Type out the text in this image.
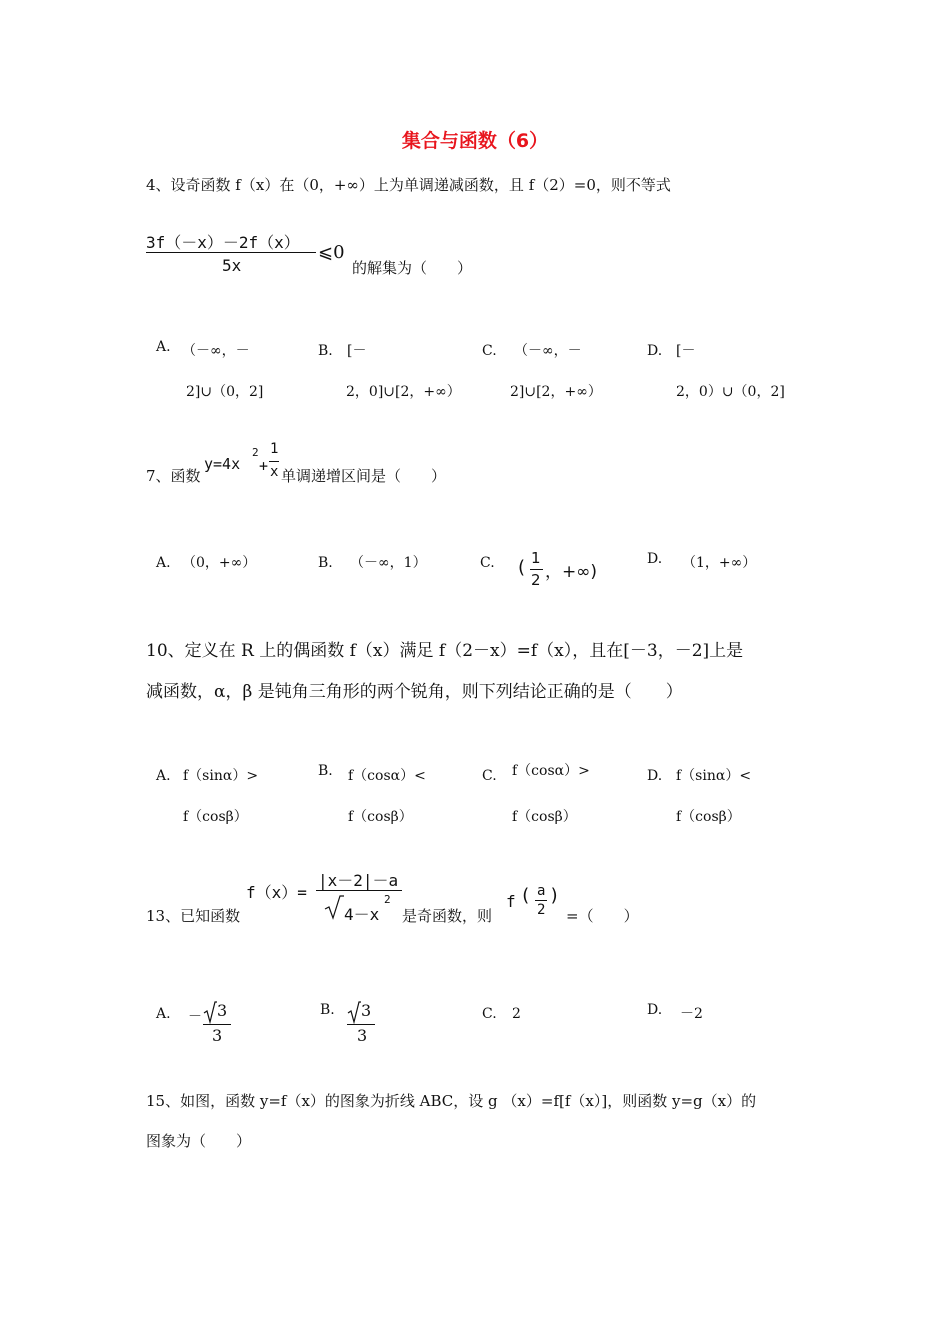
集合与函数（6）
4、设奇函数 f（x）在（0，+∞）上为单调递减函数，且 f（2）=0，则不等式
3f（－x）－2f（x）
5x
⩽0
的解集为（　　）
A. （－∞，－
2]∪（0，2]
B. [－
2，0]∪[2，+∞）
C. （－∞，－
2]∪[2，+∞）
D. [－
2，0）∪（0，2]
7、函数
y=4x
2
+
1
x 单调递增区间是（　　）
A. （0，+∞）	B. （－∞，1）	C. ( 1
2 ，+∞)
D. （1，+∞）
10、定义在 R 上的偶函数 f（x）满足 f（2－x）=f（x），且在[－3，－2]上是
减函数，α，β 是钝角三角形的两个锐角，则下列结论正确的是（　　）
A. f（sinα）>
f（cosβ）
B. f（cosα）<
f（cosβ）
C. f（cosα）>
f（cosβ）
D. f（sinα）<
f（cosβ）
13、已知函数
f（x）=
|x－2|－a
4－x
2
是奇函数，则
f ( a
2
)
=（　　）
A. － 3
3
B. 3
3
C. 2	D. －2
15、如图，函数 y=f（x）的图象为折线 ABC，设 g （x）=f[f（x）]，则函数 y=g（x）的
图象为（　　）
